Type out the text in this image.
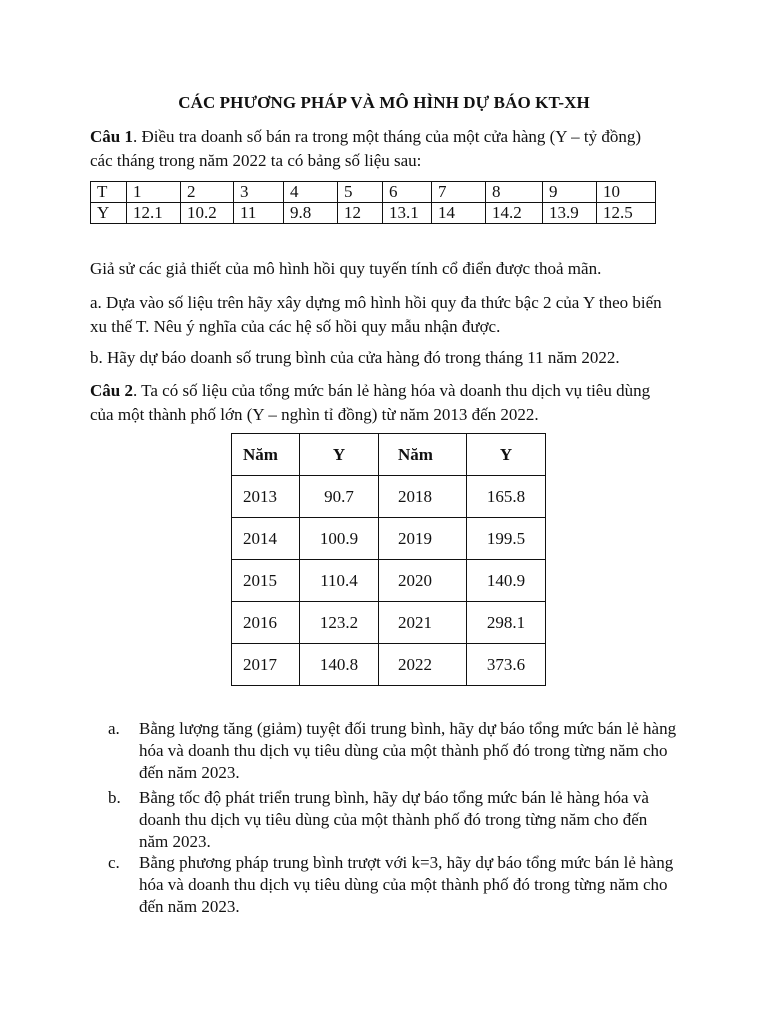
CÁC PHƯƠNG PHÁP VÀ MÔ HÌNH DỰ BÁO KT-XH
Câu 1. Điều tra doanh số bán ra trong một tháng của một cửa hàng (Y – tỷ đồng)
các tháng trong năm 2022 ta có bảng số liệu sau:
T	1	2	3	4	5	6	7	8	9	10
Y	12.1	10.2	11	9.8	12	13.1	14	14.2	13.9	12.5
Giả sử các giả thiết của mô hình hồi quy tuyến tính cổ điển được thoả mãn.
a. Dựa vào số liệu trên hãy xây dựng mô hình hồi quy đa thức bậc 2 của Y theo biến
xu thế T. Nêu ý nghĩa của các hệ số hồi quy mẫu nhận được.
b. Hãy dự báo doanh số trung bình của cửa hàng đó trong tháng 11 năm 2022.
Câu 2. Ta có số liệu của tổng mức bán lẻ hàng hóa và doanh thu dịch vụ tiêu dùng
của một thành phố lớn (Y – nghìn tỉ đồng) từ năm 2013 đến 2022.
Năm	Y	Năm	Y
2013	90.7	2018	165.8
2014	100.9	2019	199.5
2015	110.4	2020	140.9
2016	123.2	2021	298.1
2017	140.8	2022	373.6
a.	Bằng lượng tăng (giảm) tuyệt đối trung bình, hãy dự báo tổng mức bán lẻ hàng
hóa và doanh thu dịch vụ tiêu dùng của một thành phố đó trong từng năm cho
đến năm 2023.
b.	Bằng tốc độ phát triển trung bình, hãy dự báo tổng mức bán lẻ hàng hóa và
doanh thu dịch vụ tiêu dùng của một thành phố đó trong từng năm cho đến
năm 2023.
c.	Bằng phương pháp trung bình trượt với k=3, hãy dự báo tổng mức bán lẻ hàng
hóa và doanh thu dịch vụ tiêu dùng của một thành phố đó trong từng năm cho
đến năm 2023.
